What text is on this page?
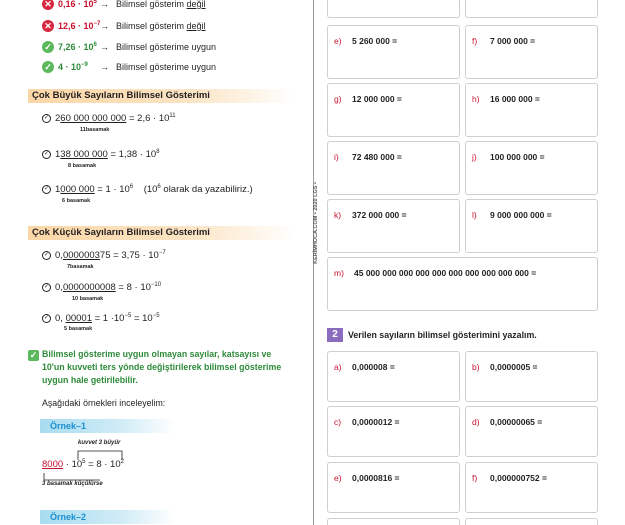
✕ $0,16 \cdot 10^5$ → Bilimsel gösterim değil
✕ $12,6 \cdot 10^{-7}$ → Bilimsel gösterim değil
✓ $7,26 \cdot 10^6$ → Bilimsel gösterime uygun
✓ $4 \cdot 10^{-9}$ → Bilimsel gösterime uygun
Çok Büyük Sayıların Bilimsel Gösterimi
✓ 260 000 000 $000 = 2,6 \cdot 10^{11}$
11basamak
✓ 138 000 $000 = 1,38 \cdot 10^8$
8 basamak
✓ 1000 $000 = 1 \cdot 10^6$ ($10^6$ olarak da yazabiliriz.)
6 basamak
Çok Küçük Sayıların Bilimsel Gösterimi
✓ $0,000000375 = 3,75 \cdot 10^{-7}$
7basamak
✓ $0,0000000008 = 8 \cdot 10^{-10}$
10 basamak
✓ 0, $00001 = 1 \cdot 10^{-5} = 10^{-5}$
5 basamak
✓ Bilimsel gösterime uygun olmayan sayılar, katsayısı ve
10'un kuvveti ters yönde değiştirilerek bilimsel gösterime
uygun hale getirilebilir.
Aşağıdaki örnekleri inceleyelim:
Örnek–1
kuvvet 3 büyür
$8000 \cdot 10^5 = 8 \cdot 10^2$
3 basamak küçülürse
Örnek–2
KERİMHOCA.COM • 2020 LGS •
e) 5 260 000 =	f) 7 000 000 =
g) 12 000 000 =	h) 16 000 000 =
i) 72 480 000 =	j) 100 000 000 =
k) 372 000 000 =	l) 9 000 000 000 =
m) 45 000 000 000 000 000 000 000 000 000 000 =
2	Verilen sayıların bilimsel gösterimini yazalım.
a) 0,000008 =	b) 0,0000005 =
c) 0,0000012 =	d) 0,00000065 =
e) 0,0000816 =	f) 0,000000752 =
